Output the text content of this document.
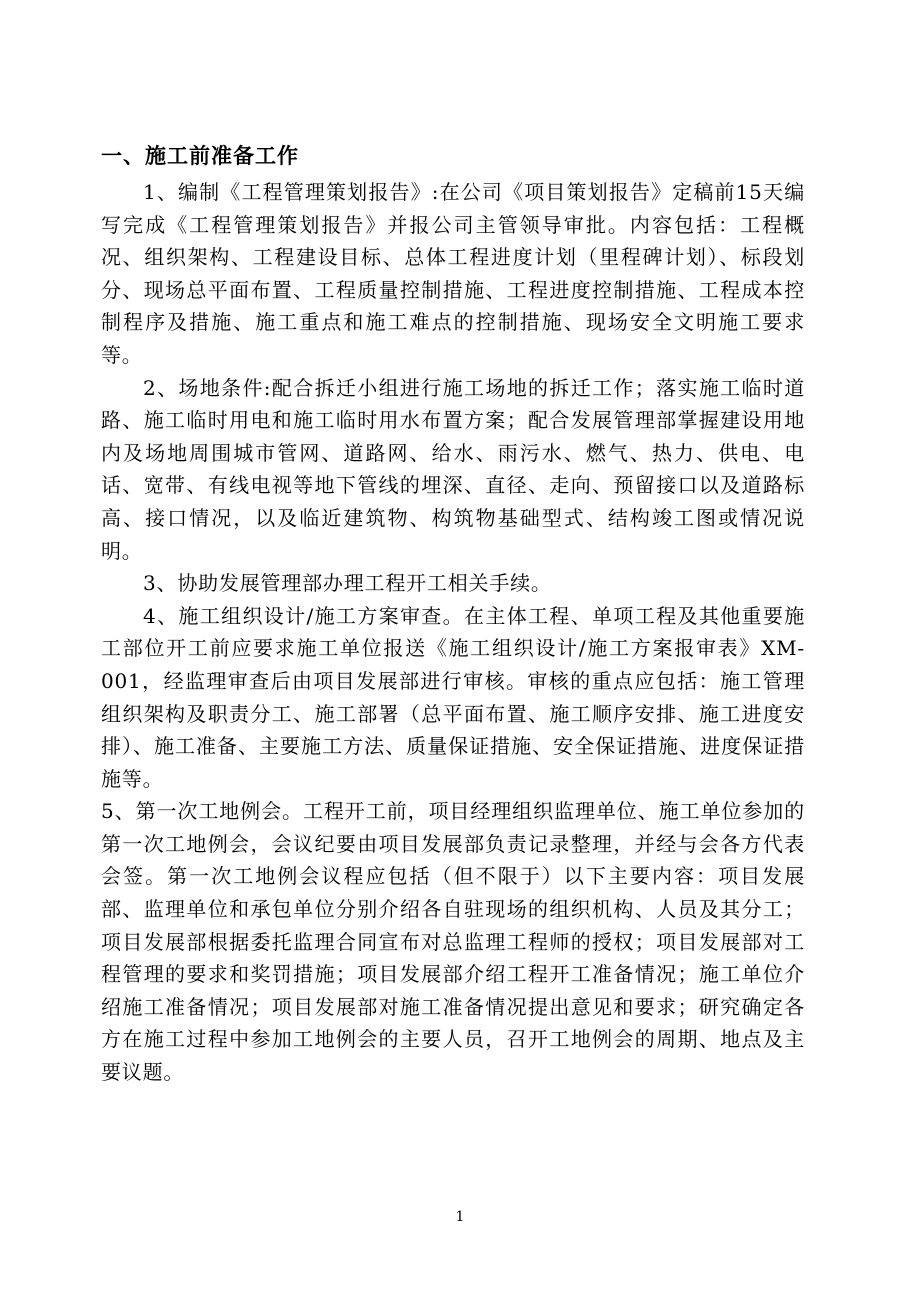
一、施工前准备工作

1、编制《工程管理策划报告》:在公司《项目策划报告》定稿前15天编写完成《工程管理策划报告》并报公司主管领导审批。内容包括：工程概况、组织架构、工程建设目标、总体工程进度计划（里程碑计划）、标段划分、现场总平面布置、工程质量控制措施、工程进度控制措施、工程成本控制程序及措施、施工重点和施工难点的控制措施、现场安全文明施工要求等。

2、场地条件:配合拆迁小组进行施工场地的拆迁工作；落实施工临时道路、施工临时用电和施工临时用水布置方案；配合发展管理部掌握建设用地内及场地周围城市管网、道路网、给水、雨污水、燃气、热力、供电、电话、宽带、有线电视等地下管线的埋深、直径、走向、预留接口以及道路标高、接口情况，以及临近建筑物、构筑物基础型式、结构竣工图或情况说明。

3、协助发展管理部办理工程开工相关手续。

4、施工组织设计/施工方案审查。在主体工程、单项工程及其他重要施工部位开工前应要求施工单位报送《施工组织设计/施工方案报审表》XM-001，经监理审查后由项目发展部进行审核。审核的重点应包括：施工管理组织架构及职责分工、施工部署（总平面布置、施工顺序安排、施工进度安排）、施工准备、主要施工方法、质量保证措施、安全保证措施、进度保证措施等。

5、第一次工地例会。工程开工前，项目经理组织监理单位、施工单位参加的第一次工地例会，会议纪要由项目发展部负责记录整理，并经与会各方代表会签。第一次工地例会议程应包括（但不限于）以下主要内容：项目发展部、监理单位和承包单位分别介绍各自驻现场的组织机构、人员及其分工；项目发展部根据委托监理合同宣布对总监理工程师的授权；项目发展部对工程管理的要求和奖罚措施；项目发展部介绍工程开工准备情况；施工单位介绍施工准备情况；项目发展部对施工准备情况提出意见和要求；研究确定各方在施工过程中参加工地例会的主要人员，召开工地例会的周期、地点及主要议题。

1
